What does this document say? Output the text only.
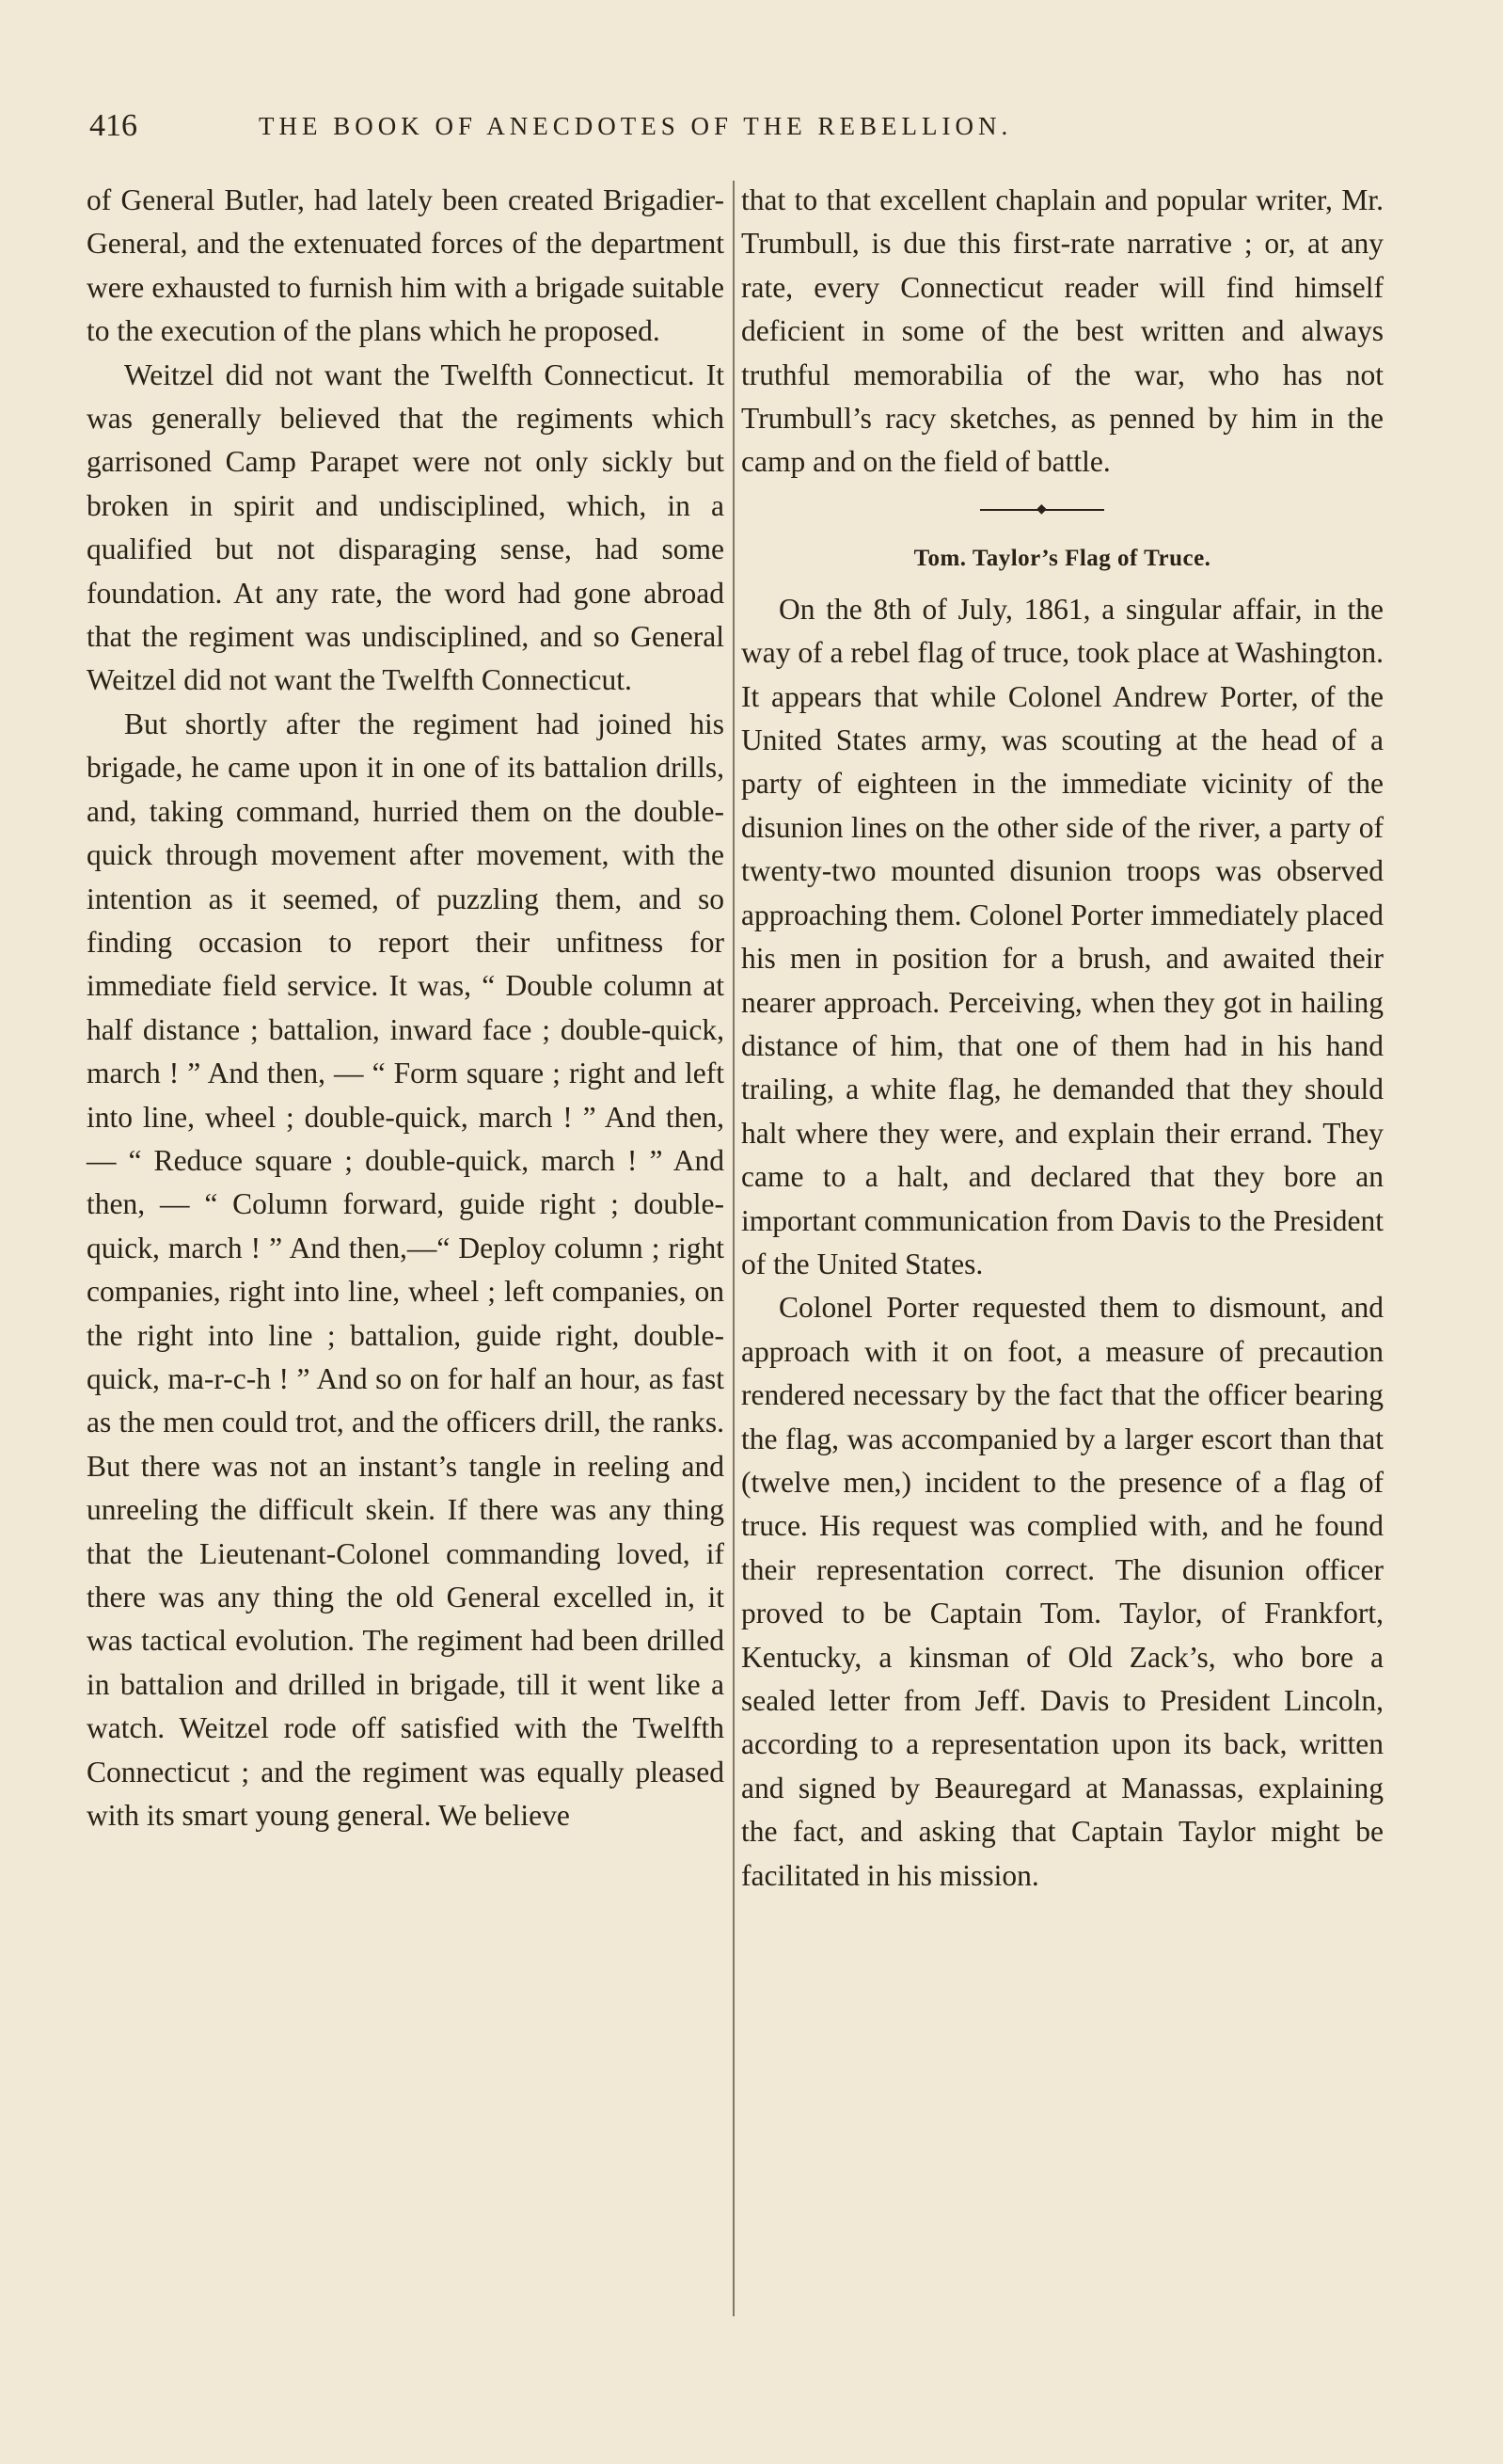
416	THE BOOK OF ANECDOTES OF THE REBELLION.

of General Butler, had lately been created Brigadier-General, and the extenuated forces of the department were exhausted to furnish him with a brigade suitable to the execution of the plans which he proposed.

Weitzel did not want the Twelfth Connecticut. It was generally believed that the regiments which garrisoned Camp Parapet were not only sickly but broken in spirit and undisciplined, which, in a qualified but not disparaging sense, had some foundation. At any rate, the word had gone abroad that the regiment was undisciplined, and so General Weitzel did not want the Twelfth Connecticut.

But shortly after the regiment had joined his brigade, he came upon it in one of its battalion drills, and, taking command, hurried them on the double-quick through movement after movement, with the intention as it seemed, of puzzling them, and so finding occasion to report their unfitness for immediate field service. It was, “ Double column at half distance ; battalion, inward face ; double-quick, march ! ” And then, — “ Form square ; right and left into line, wheel ; double-quick, march ! ” And then, — “ Reduce square ; double-quick, march ! ” And then, — “ Column forward, guide right ; double-quick, march ! ” And then,—“ Deploy column ; right companies, right into line, wheel ; left companies, on the right into line ; battalion, guide right, double-quick, ma-r-c-h ! ” And so on for half an hour, as fast as the men could trot, and the officers drill, the ranks. But there was not an instant’s tangle in reeling and unreeling the difficult skein. If there was any thing that the Lieutenant-Colonel commanding loved, if there was any thing the old General excelled in, it was tactical evolution. The regiment had been drilled in battalion and drilled in brigade, till it went like a watch. Weitzel rode off satisfied with the Twelfth Connecticut ; and the regiment was equally pleased with its smart young general. We believe

that to that excellent chaplain and popular writer, Mr. Trumbull, is due this first-rate narrative ; or, at any rate, every Connecticut reader will find himself deficient in some of the best written and always truthful memorabilia of the war, who has not Trumbull’s racy sketches, as penned by him in the camp and on the field of battle.

◆
Tom. Taylor’s Flag of Truce.

On the 8th of July, 1861, a singular affair, in the way of a rebel flag of truce, took place at Washington. It appears that while Colonel Andrew Porter, of the United States army, was scouting at the head of a party of eighteen in the immediate vicinity of the disunion lines on the other side of the river, a party of twenty-two mounted disunion troops was observed approaching them. Colonel Porter immediately placed his men in position for a brush, and awaited their nearer approach. Perceiving, when they got in hailing distance of him, that one of them had in his hand trailing, a white flag, he demanded that they should halt where they were, and explain their errand. They came to a halt, and declared that they bore an important communication from Davis to the President of the United States.

Colonel Porter requested them to dismount, and approach with it on foot, a measure of precaution rendered necessary by the fact that the officer bearing the flag, was accompanied by a larger escort than that (twelve men,) incident to the presence of a flag of truce. His request was complied with, and he found their representation correct. The disunion officer proved to be Captain Tom. Taylor, of Frankfort, Kentucky, a kinsman of Old Zack’s, who bore a sealed letter from Jeff. Davis to President Lincoln, according to a representation upon its back, written and signed by Beauregard at Manassas, explaining the fact, and asking that Captain Taylor might be facilitated in his mission.
